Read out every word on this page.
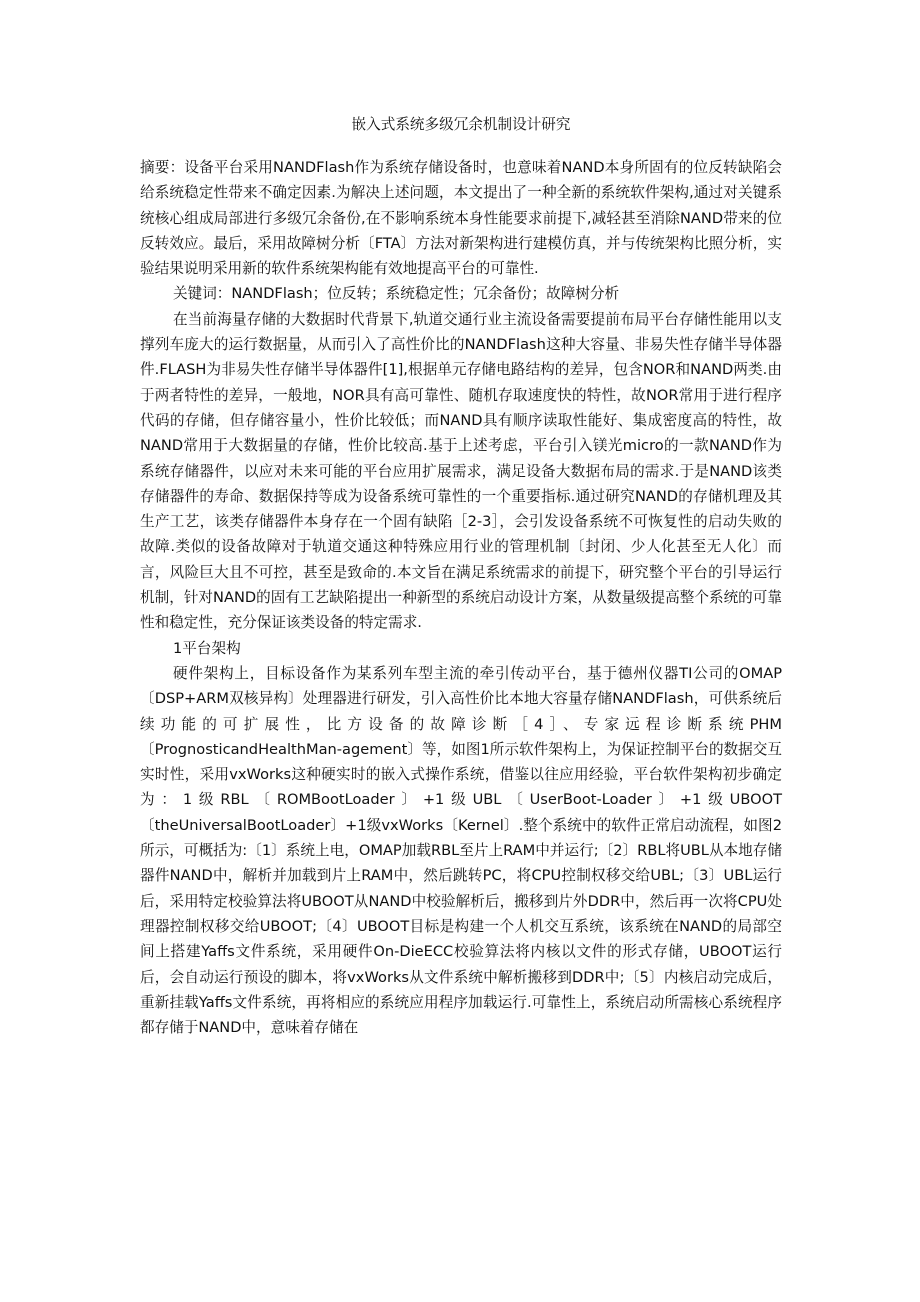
嵌入式系统多级冗余机制设计研究

摘要：设备平台采用NANDFlash作为系统存储设备时，也意味着NAND本身所固有的位反转缺陷会给系统稳定性带来不确定因素.为解决上述问题，本文提出了一种全新的系统软件架构,通过对关键系统核心组成局部进行多级冗余备份,在不影响系统本身性能要求前提下,减轻甚至消除NAND带来的位反转效应。最后，采用故障树分析〔FTA〕方法对新架构进行建模仿真，并与传统架构比照分析，实验结果说明采用新的软件系统架构能有效地提高平台的可靠性.

关键词：NANDFlash；位反转；系统稳定性；冗余备份；故障树分析

在当前海量存储的大数据时代背景下,轨道交通行业主流设备需要提前布局平台存储性能用以支撑列车庞大的运行数据量，从而引入了高性价比的NANDFlash这种大容量、非易失性存储半导体器件.FLASH为非易失性存储半导体器件[1],根据单元存储电路结构的差异，包含NOR和NAND两类.由于两者特性的差异，一般地，NOR具有高可靠性、随机存取速度快的特性，故NOR常用于进行程序代码的存储，但存储容量小，性价比较低；而NAND具有顺序读取性能好、集成密度高的特性，故NAND常用于大数据量的存储，性价比较高.基于上述考虑，平台引入镁光micro的一款NAND作为系统存储器件，以应对未来可能的平台应用扩展需求，满足设备大数据布局的需求.于是NAND该类存储器件的寿命、数据保持等成为设备系统可靠性的一个重要指标.通过研究NAND的存储机理及其生产工艺，该类存储器件本身存在一个固有缺陷［2-3］，会引发设备系统不可恢复性的启动失败的故障.类似的设备故障对于轨道交通这种特殊应用行业的管理机制〔封闭、少人化甚至无人化〕而言，风险巨大且不可控，甚至是致命的.本文旨在满足系统需求的前提下，研究整个平台的引导运行机制，针对NAND的固有工艺缺陷提出一种新型的系统启动设计方案，从数量级提高整个系统的可靠性和稳定性，充分保证该类设备的特定需求.

1平台架构

硬件架构上，目标设备作为某系列车型主流的牵引传动平台，基于德州仪器TI公司的OMAP〔DSP+ARM双核异构〕处理器进行研发，引入高性价比本地大容量存储NANDFlash，可供系统后续功能的可扩展性，比方设备的故障诊断［4］、专家远程诊断系统PHM〔PrognosticandHealthMan-agement〕等，如图1所示软件架构上，为保证控制平台的数据交互实时性，采用vxWorks这种硬实时的嵌入式操作系统，借鉴以往应用经验，平台软件架构初步确定为：1级RBL〔ROMBootLoader〕+1级UBL〔UserBoot-Loader〕+1级UBOOT〔theUniversalBootLoader〕+1级vxWorks〔Kernel〕.整个系统中的软件正常启动流程，如图2所示，可概括为:〔1〕系统上电，OMAP加载RBL至片上RAM中并运行;〔2〕RBL将UBL从本地存储器件NAND中，解析并加载到片上RAM中，然后跳转PC，将CPU控制权移交给UBL;〔3〕UBL运行后，采用特定校验算法将UBOOT从NAND中校验解析后，搬移到片外DDR中，然后再一次将CPU处理器控制权移交给UBOOT;〔4〕UBOOT目标是构建一个人机交互系统，该系统在NAND的局部空间上搭建Yaffs文件系统，采用硬件On-DieECC校验算法将内核以文件的形式存储，UBOOT运行后，会自动运行预设的脚本，将vxWorks从文件系统中解析搬移到DDR中;〔5〕内核启动完成后，重新挂载Yaffs文件系统，再将相应的系统应用程序加载运行.可靠性上，系统启动所需核心系统程序都存储于NAND中，意味着存储在
